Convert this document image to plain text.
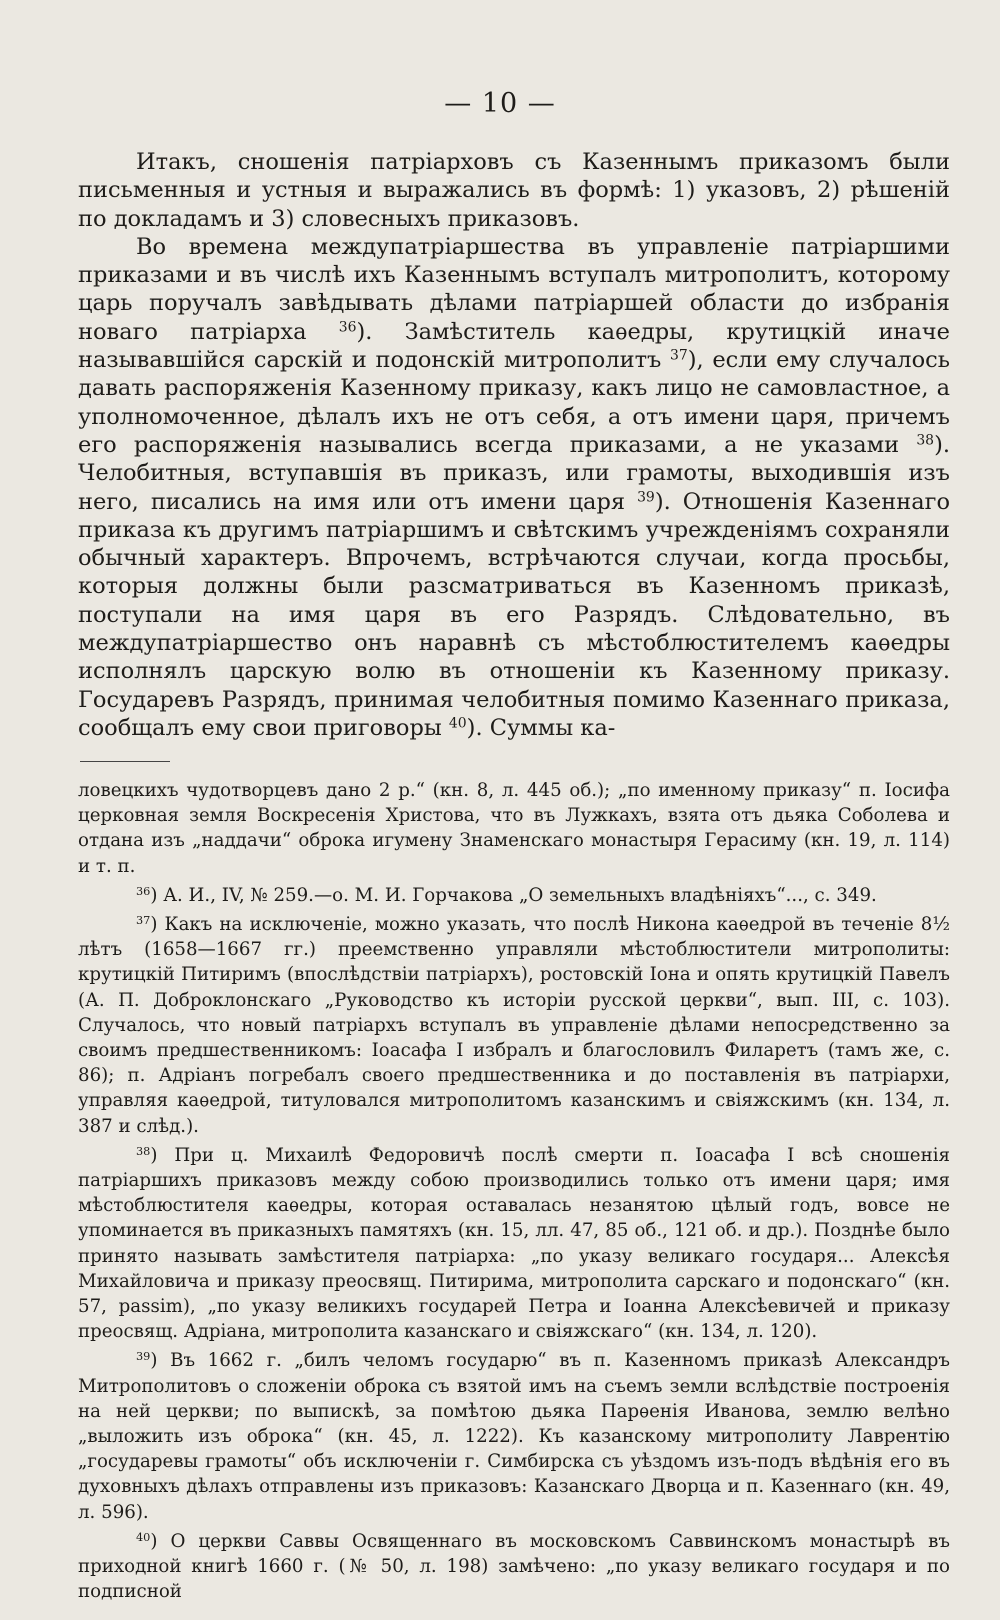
— 10 —

Итакъ, сношенія патріарховъ съ Казеннымъ приказомъ были письменныя и устныя и выражались въ формѣ: 1) указовъ, 2) рѣшеній по докладамъ и 3) словесныхъ приказовъ.

Во времена междупатріаршества въ управленіе патріаршими приказами и въ числѣ ихъ Казеннымъ вступалъ митрополитъ, которому царь поручалъ завѣдывать дѣлами патріаршей области до избранія новаго патріарха $^{36}$). Замѣститель каѳедры, крутицкій иначе называвшійся сарскій и подонскій митрополитъ $^{37}$), если ему случалось давать распоряженія Казенному приказу, какъ лицо не самовластное, а уполномоченное, дѣлалъ ихъ не отъ себя, а отъ имени царя, причемъ его распоряженія назывались всегда приказами, а не указами $^{38}$). Челобитныя, вступавшія въ приказъ, или грамоты, выходившія изъ него, писались на имя или отъ имени царя $^{39}$). Отношенія Казеннаго приказа къ другимъ патріаршимъ и свѣтскимъ учрежденіямъ сохраняли обычный характеръ. Впрочемъ, встрѣчаются случаи, когда просьбы, которыя должны были разсматриваться въ Казенномъ приказѣ, поступали на имя царя въ его Разрядъ. Слѣдовательно, въ междупатріаршество онъ наравнѣ съ мѣстоблюстителемъ каѳедры исполнялъ царскую волю въ отношеніи къ Казенному приказу. Государевъ Разрядъ, принимая челобитныя помимо Казеннаго приказа, сообщалъ ему свои приговоры $^{40}$). Суммы ка-

ловецкихъ чудотворцевъ дано 2 р.“ (кн. 8, л. 445 об.); „по именному приказу“ п. Іосифа церковная земля Воскресенія Христова, что въ Лужкахъ, взята отъ дьяка Соболева и отдана изъ „наддачи“ оброка игумену Знаменскаго монастыря Герасиму (кн. 19, л. 114) и т. п.

$^{36}$) А. И., IV, № 259.—о. М. И. Горчакова „О земельныхъ владѣніяхъ“..., с. 349.

$^{37}$) Какъ на исключеніе, можно указать, что послѣ Никона каѳедрой въ теченіе 8½ лѣтъ (1658—1667 гг.) преемственно управляли мѣстоблюстители митрополиты: крутицкій Питиримъ (впослѣдствіи патріархъ), ростовскій Іона и опять крутицкій Павелъ (А. П. Доброклонскаго „Руководство къ исторіи русской церкви“, вып. III, с. 103). Случалось, что новый патріархъ вступалъ въ управленіе дѣлами непосредственно за своимъ предшественникомъ: Іоасафа I избралъ и благословилъ Филаретъ (тамъ же, с. 86); п. Адріанъ погребалъ своего предшественника и до поставленія въ патріархи, управляя каѳедрой, титуловался митрополитомъ казанскимъ и свіяжскимъ (кн. 134, л. 387 и слѣд.).

$^{38}$) При ц. Михаилѣ Федоровичѣ послѣ смерти п. Іоасафа I всѣ сношенія патріаршихъ приказовъ между собою производились только отъ имени царя; имя мѣстоблюстителя каѳедры, которая оставалась незанятою цѣлый годъ, вовсе не упоминается въ приказныхъ памятяхъ (кн. 15, лл. 47, 85 об., 121 об. и др.). Позднѣе было принято называть замѣстителя патріарха: „по указу великаго государя... Алексѣя Михайловича и приказу преосвящ. Питирима, митрополита сарскаго и подонскаго“ (кн. 57, passim), „по указу великихъ государей Петра и Іоанна Алексѣевичей и приказу преосвящ. Адріана, митрополита казанскаго и свіяжскаго“ (кн. 134, л. 120).

$^{39}$) Въ 1662 г. „билъ челомъ государю“ въ п. Казенномъ приказѣ Александръ Митрополитовъ о сложеніи оброка съ взятой имъ на съемъ земли вслѣдствіе построенія на ней церкви; по выпискѣ, за помѣтою дьяка Парѳенія Иванова, землю велѣно „выложить изъ оброка“ (кн. 45, л. 1222). Къ казанскому митрополиту Лаврентію „государевы грамоты“ объ исключеніи г. Симбирска съ уѣздомъ изъ-подъ вѣдѣнія его въ духовныхъ дѣлахъ отправлены изъ приказовъ: Казанскаго Дворца и п. Казеннаго (кн. 49, л. 596).

$^{40}$) О церкви Саввы Освященнаго въ московскомъ Саввинскомъ монастырѣ въ приходной книгѣ 1660 г. (№ 50, л. 198) замѣчено: „по указу великаго государя и по подписной
